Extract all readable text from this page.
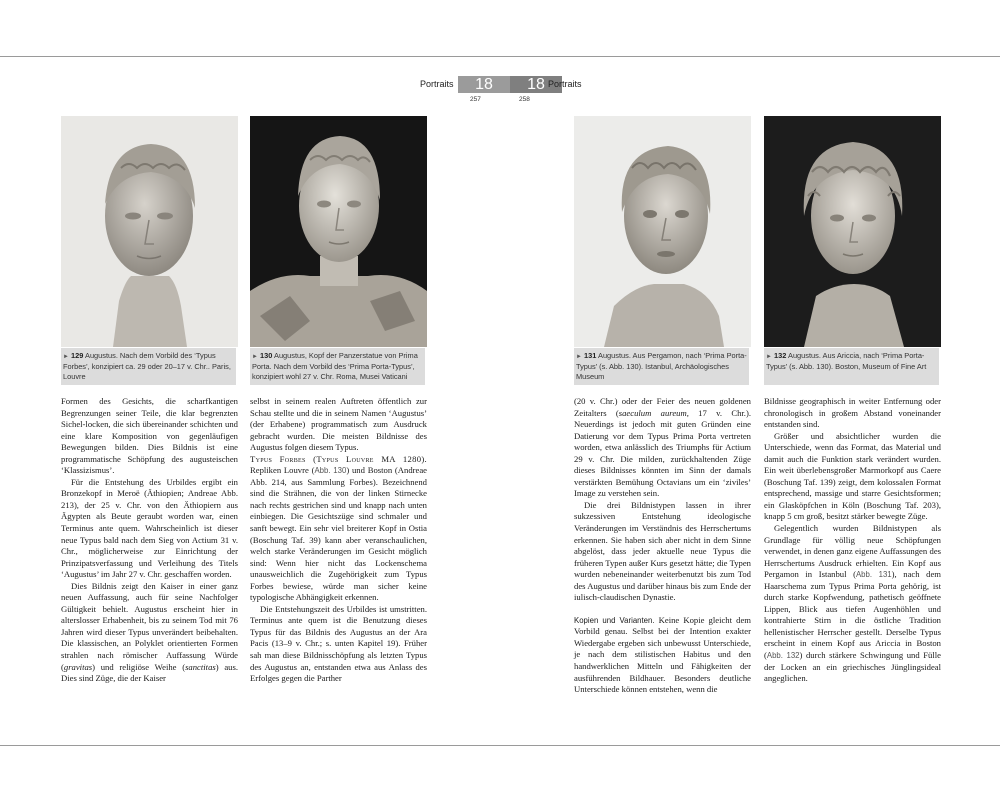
Portraits	18	18 Portraits
257	258
► 129 Augustus. Nach dem Vorbild des ‘Typus Forbes’, konzipiert ca. 29 oder 20–17 v. Chr.. Paris, Louvre
► 130 Augustus, Kopf der Panzerstatue von Prima Porta. Nach dem Vorbild des ‘Prima Porta-Typus’, konzipiert wohl 27 v. Chr. Roma, Musei Vaticani
► 131 Augustus. Aus Pergamon, nach ‘Prima Porta-Typus’ (s. Abb. 130). Istanbul, Archäologisches Museum
► 132 Augustus. Aus Ariccia, nach ‘Prima Porta-Typus’ (s. Abb. 130). Boston, Museum of Fine Art

Formen des Gesichts, die scharfkantigen Begrenzungen seiner Teile, die klar begrenzten Sichel-locken, die sich übereinander schichten und eine klare Komposition von gegenläufigen Bewegungen bilden. Dies Bildnis ist eine programmatische Schöpfung des augusteischen ‘Klassizismus’.

Für die Entstehung des Urbildes ergibt ein Bronzekopf in Meroë (Äthiopien; Andreae Abb. 213), der 25 v. Chr. von den Äthiopiern aus Ägypten als Beute geraubt worden war, einen Terminus ante quem. Wahrscheinlich ist dieser neue Typus bald nach dem Sieg von Actium 31 v. Chr., möglicherweise zur Einrichtung der Prinzipatsverfassung und Verleihung des Titels ‘Augustus’ im Jahr 27 v. Chr. geschaffen worden.

Dies Bildnis zeigt den Kaiser in einer ganz neuen Auffassung, auch für seine Nachfolger Gültigkeit behielt. Augustus erscheint hier in alterslosser Erhabenheit, bis zu seinem Tod mit 76 Jahren wird dieser Typus unverändert beibehalten. Die klassischen, an Polyklet orientierten Formen strahlen nach römischer Auffassung Würde (gravitas) und religiöse Weihe (sanctitas) aus. Dies sind Züge, die der Kaiser

selbst in seinem realen Auftreten öffentlich zur Schau stellte und die in seinem Namen ‘Augustus’ (der Erhabene) programmatisch zum Ausdruck gebracht wurden. Die meisten Bildnisse des Augustus folgen diesem Typus.

Typus Forbes (Typus Louvre MA 1280). Repliken Louvre (Abb. 130) und Boston (Andreae Abb. 214, aus Sammlung Forbes). Bezeichnend sind die Strähnen, die von der linken Stirnecke nach rechts gestrichen sind und knapp nach unten einbiegen. Die Gesichtszüge sind schmaler und sanft bewegt. Ein sehr viel breiterer Kopf in Ostia (Boschung Taf. 39) kann aber veranschaulichen, welch starke Veränderungen im Gesicht möglich sind: Wenn hier nicht das Lockenschema unausweichlich die Zugehörigkeit zum Typus Forbes bewiese, würde man sicher keine typologische Abhängigkeit erkennen.

Die Entstehungszeit des Urbildes ist umstritten. Terminus ante quem ist die Benutzung dieses Typus für das Bildnis des Augustus an der Ara Pacis (13–9 v. Chr.; s. unten Kapitel 19). Früher sah man diese Bildnisschöpfung als letzten Typus des Augustus an, entstanden etwa aus Anlass des Erfolges gegen die Parther

(20 v. Chr.) oder der Feier des neuen goldenen Zeitalters (saeculum aureum, 17 v. Chr.). Neuerdings ist jedoch mit guten Gründen eine Datierung vor dem Typus Prima Porta vertreten worden, etwa anlässlich des Triumphs für Actium 29 v. Chr. Die milden, zurückhaltenden Züge dieses Bildnisses könnten im Sinn der damals verstärkten Bemühung Octavians um ein ‘ziviles’ Image zu verstehen sein.

Die drei Bildnistypen lassen in ihrer sukzessiven Entstehung ideologische Veränderungen im Verständnis des Herrschertums erkennen. Sie haben sich aber nicht in dem Sinne abgelöst, dass jeder aktuelle neue Typus die früheren Typen außer Kurs gesetzt hätte; die Typen wurden nebeneinander weiterbenutzt bis zum Tod des Augustus und darüber hinaus bis zum Ende der iulisch-claudischen Dynastie.

Kopien und Varianten. Keine Kopie gleicht dem Vorbild genau. Selbst bei der Intention exakter Wiedergabe ergeben sich unbewusst Unterschiede, je nach dem stilistischen Habitus und den handwerklichen Mitteln und Fähigkeiten der ausführenden Bildhauer. Besonders deutliche Unterschiede können entstehen, wenn die

Bildnisse geographisch in weiter Entfernung oder chronologisch in großem Abstand voneinander entstanden sind.

Größer und absichtlicher wurden die Unterschiede, wenn das Format, das Material und damit auch die Funktion stark verändert wurden. Ein weit überlebensgroßer Marmorkopf aus Caere (Boschung Taf. 139) zeigt, dem kolossalen Format entsprechend, massige und starre Gesichtsformen; ein Glasköpfchen in Köln (Boschung Taf. 203), knapp 5 cm groß, besitzt stärker bewegte Züge.

Gelegentlich wurden Bildnistypen als Grundlage für völlig neue Schöpfungen verwendet, in denen ganz eigene Auffassungen des Herrschertums Ausdruck erhielten. Ein Kopf aus Pergamon in Istanbul (Abb. 131), nach dem Haarschema zum Typus Prima Porta gehörig, ist durch starke Kopfwendung, pathetisch geöffnete Lippen, Blick aus tiefen Augenhöhlen und kontrahierte Stirn in die östliche Tradition hellenistischer Herrscher gestellt. Derselbe Typus erscheint in einem Kopf aus Ariccia in Boston (Abb. 132) durch stärkere Schwingung und Fülle der Locken an ein griechisches Jünglingsideal angeglichen.
